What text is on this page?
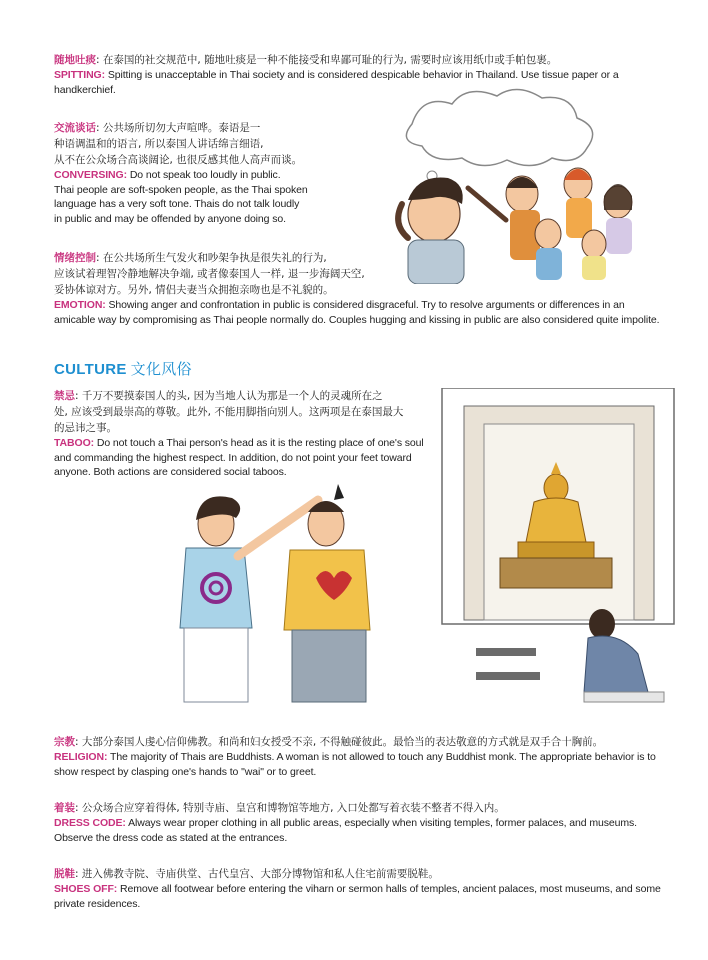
随地吐痰: 在泰国的社交规范中, 随地吐痰是一种不能接受和卑鄙可耻的行为, 需要时应该用纸巾或手帕包裹。
SPITTING: Spitting is unacceptable in Thai society and is considered despicable behavior in Thailand. Use tissue paper or a handkerchief.
交流谈话: 公共场所切勿大声喧哗。泰语是一
种语调温和的语言, 所以泰国人讲话绵言细语,
从不在公众场合高谈阔论, 也很反感其他人高声而谈。
CONVERSING: Do not speak too loudly in public.
Thai people are soft-spoken people, as the Thai spoken
language has a very soft tone. Thais do not talk loudly
in public and may be offended by anyone doing so.
情绪控制: 在公共场所生气发火和吵架争执是很失礼的行为,
应该试着理智冷静地解决争端, 或者像泰国人一样, 退一步海阔天空,
妥协体谅对方。另外, 情侣夫妻当众拥抱亲吻也是不礼貌的。
EMOTION: Showing anger and confrontation in public is considered disgraceful. Try to resolve arguments or differences in an amicable way by compromising as Thai people normally do. Couples hugging and kissing in public are also considered quite impolite.
CULTURE 文化风俗
禁忌: 千万不要摸泰国人的头, 因为当地人认为那是一个人的灵魂所在之
处, 应该受到最崇高的尊敬。此外, 不能用脚指向别人。这两项是在泰国最大
的忌讳之事。
TABOO: Do not touch a Thai person's head as it is the resting place of one's soul
and commanding the highest respect. In addition, do not point your feet toward
anyone. Both actions are considered social taboos.
宗教: 大部分泰国人虔心信仰佛教。和尚和妇女授受不亲, 不得触碰彼此。最恰当的表达敬意的方式就是双手合十胸前。
RELIGION: The majority of Thais are Buddhists. A woman is not allowed to touch any Buddhist monk. The appropriate behavior is to show respect by clasping one's hands to "wai" or to greet.
着装: 公众场合应穿着得体, 特别寺庙、皇宫和博物馆等地方, 入口处都写着衣装不整者不得入内。
DRESS CODE: Always wear proper clothing in all public areas, especially when visiting temples, former palaces, and museums. Observe the dress code as stated at the entrances.
脱鞋: 进入佛教寺院、寺庙供堂、古代皇宫、大部分博物馆和私人住宅前需要脱鞋。
SHOES OFF: Remove all footwear before entering the viharn or sermon halls of temples, ancient palaces, most museums, and some private residences.
